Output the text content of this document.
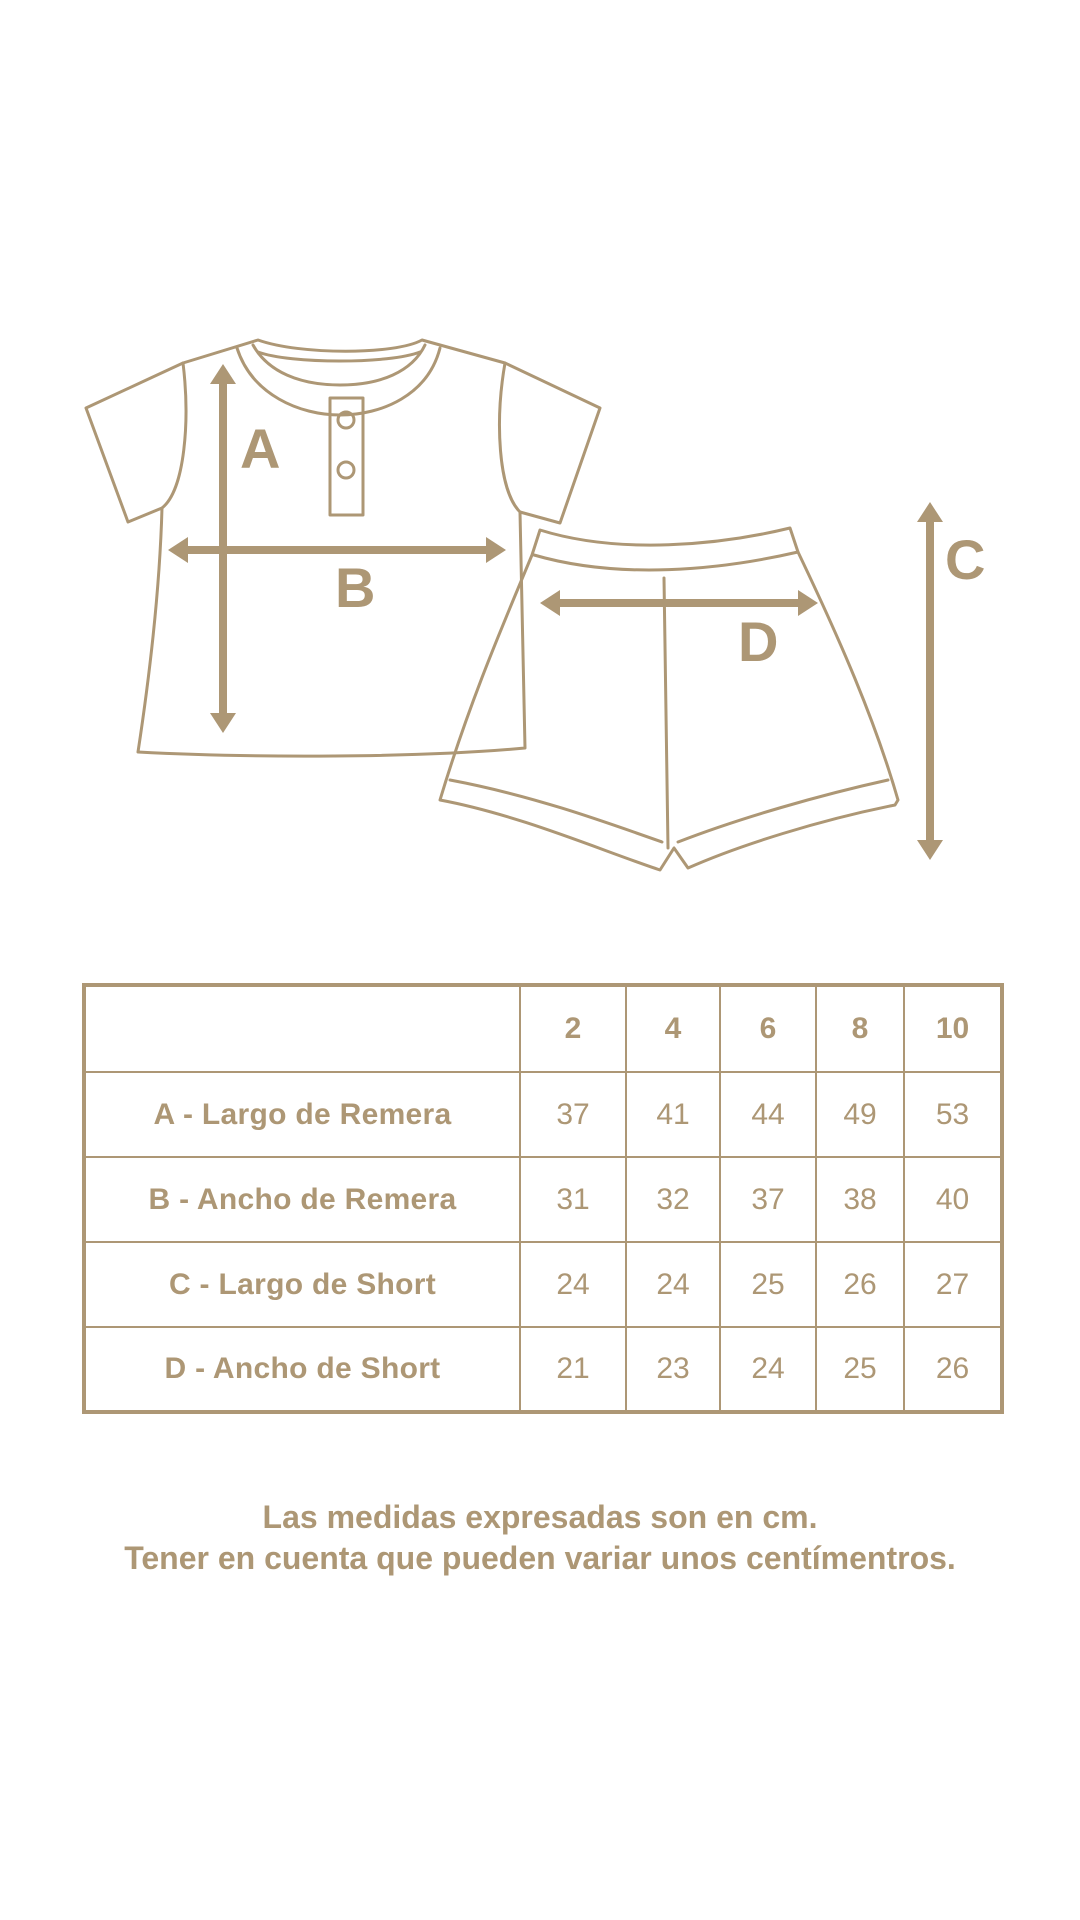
A
B	C
D
	2	4	6	8	10
A - Largo de Remera	37	41	44	49	53
B - Ancho de Remera	31	32	37	38	40
C - Largo de Short	24	24	25	26	27
D - Ancho de Short	21	23	24	25	26
Las medidas expresadas son en cm.
Tener en cuenta que pueden variar unos centímentros.
